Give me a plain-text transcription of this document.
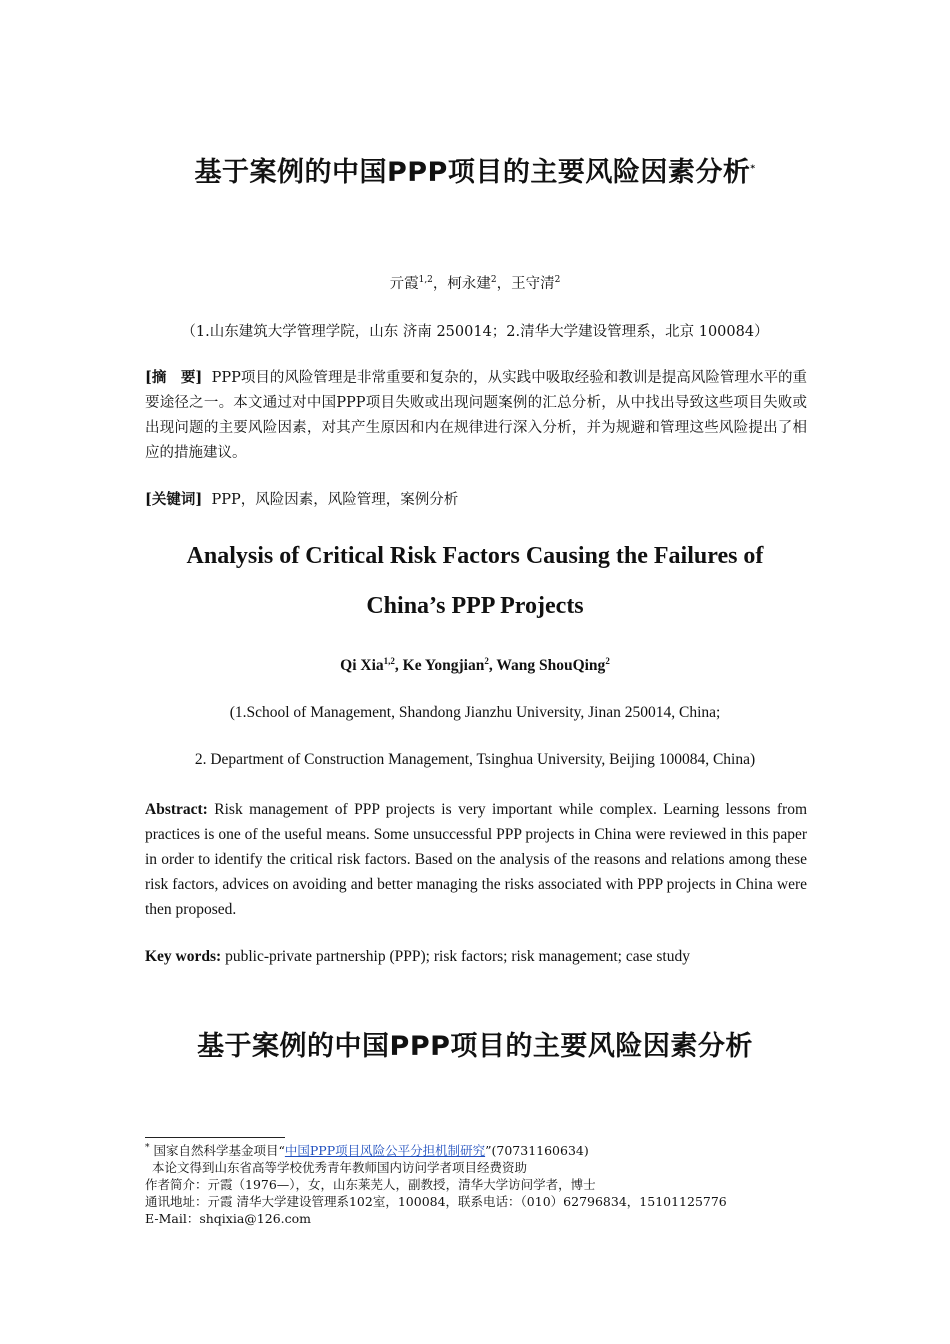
基于案例的中国PPP项目的主要风险因素分析*
亓霞$^{1,2}$，柯永建$^2$，王守清$^2$
（1.山东建筑大学管理学院，山东 济南 250014；2.清华大学建设管理系，北京 100084）
[摘　要] PPP项目的风险管理是非常重要和复杂的，从实践中吸取经验和教训是提高风险管理水平的重要途径之一。本文通过对中国PPP项目失败或出现问题案例的汇总分析，从中找出导致这些项目失败或出现问题的主要风险因素，对其产生原因和内在规律进行深入分析，并为规避和管理这些风险提出了相应的措施建议。
[关键词] PPP，风险因素，风险管理，案例分析
Analysis of Critical Risk Factors Causing the Failures of
China’s PPP Projects
Qi Xia$^{1,2}$, Ke Yongjian$^2$, Wang ShouQing$^2$
(1.School of Management, Shandong Jianzhu University, Jinan 250014, China;
2. Department of Construction Management, Tsinghua University, Beijing 100084, China)
Abstract: Risk management of PPP projects is very important while complex. Learning lessons from practices is one of the useful means. Some unsuccessful PPP projects in China were reviewed in this paper in order to identify the critical risk factors. Based on the analysis of the reasons and relations among these risk factors, advices on avoiding and better managing the risks associated with PPP projects in China were then proposed.
Key words: public-private partnership (PPP); risk factors; risk management; case study
基于案例的中国PPP项目的主要风险因素分析
* 国家自然科学基金项目“中国PPP项目风险公平分担机制研究”(70731160634)
本论文得到山东省高等学校优秀青年教师国内访问学者项目经费资助
作者简介：亓霞（1976—），女，山东莱芜人，副教授，清华大学访问学者，博士
通讯地址：亓霞 清华大学建设管理系102室，100084，联系电话：（010）62796834，15101125776
E-Mail：shqixia@126.com
